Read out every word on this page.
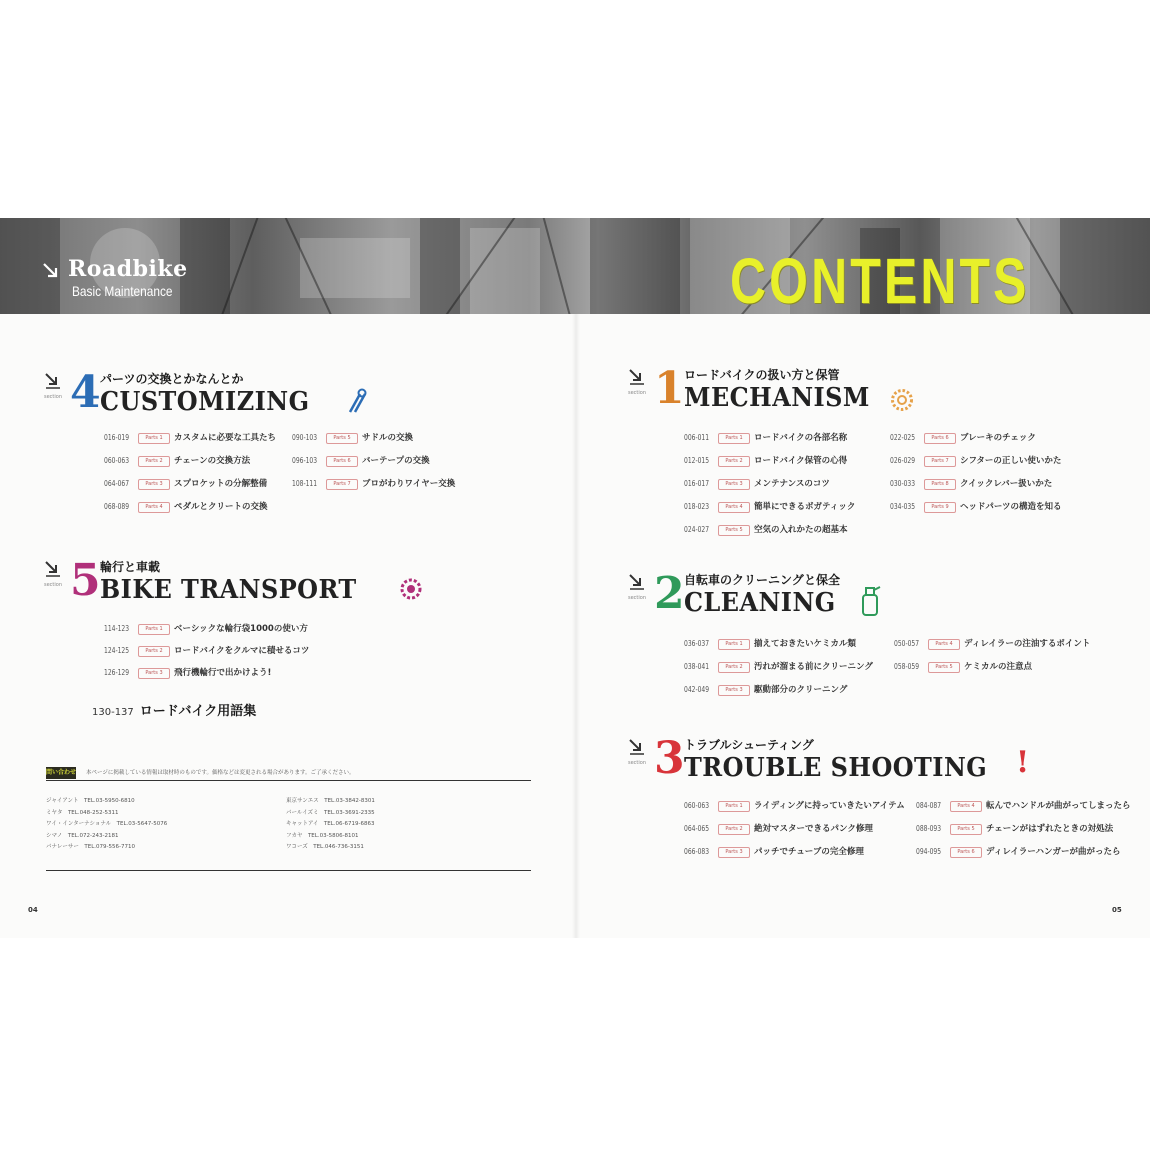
Roadbike
Basic Maintenance	CONTENTS
section 4 パーツの交換とかなんとか
CUSTOMIZING
016-019	Parts 1	カスタムに必要な工具たち
060-063	Parts 2	チェーンの交換方法
064-067	Parts 3	スプロケットの分解整備
068-089	Parts 4	ペダルとクリートの交換
090-103	Parts 5	サドルの交換
096-103	Parts 6	バーテープの交換
108-111	Parts 7	ブロがわりワイヤー交換
section 5 輪行と車載
BIKE TRANSPORT
114-123	Parts 1	ベーシックな輪行袋1000の使い方
124-125	Parts 2	ロードバイクをクルマに積せるコツ
126-129	Parts 3	飛行機輪行で出かけよう!
130-137 ロードバイク用語集
問い合わせ 本ページに掲載している情報は取材時のものです。価格などは変更される場合があります。ご了承ください。
ジャイアント　TEL.03-5950-6810
ミヤタ　TEL.048-252-5311
ワイ・インターナショナル　TEL.03-5647-5076
シマノ　TEL.072-243-2181
パナレーサー　TEL.079-556-7710
東京サンエス　TEL.03-3842-8301
パールイズミ　TEL.03-3691-2335
キャットアイ　TEL.06-6719-6863
フカヤ　TEL.03-5806-8101
ワコーズ　TEL.046-736-3151
section 1 ロードバイクの扱い方と保管
MECHANISM
006-011	Parts 1	ロードバイクの各部名称
012-015	Parts 2	ロードバイク保管の心得
016-017	Parts 3	メンテナンスのコツ
018-023	Parts 4	簡単にできるボガティック
024-027	Parts 5	空気の入れかたの超基本
022-025	Parts 6	ブレーキのチェック
026-029	Parts 7	シフターの正しい使いかた
030-033	Parts 8	クイックレバー扱いかた
034-035	Parts 9	ヘッドパーツの構造を知る
section 2 自転車のクリーニングと保全
CLEANING
036-037	Parts 1	揃えておきたいケミカル類
038-041	Parts 2	汚れが溜まる前にクリーニング
042-049	Parts 3	駆動部分のクリーニング
050-057	Parts 4	ディレイラーの注油するポイント
058-059	Parts 5	ケミカルの注意点
section 3 トラブルシューティング
TROUBLE SHOOTING !
060-063	Parts 1	ライディングに持っていきたいアイテム
064-065	Parts 2	絶対マスターできるパンク修理
066-083	Parts 3	パッチでチューブの完全修理
084-087	Parts 4	転んでハンドルが曲がってしまったら
088-093	Parts 5	チェーンがはずれたときの対処法
094-095	Parts 6	ディレイラーハンガーが曲がったら
04	05
